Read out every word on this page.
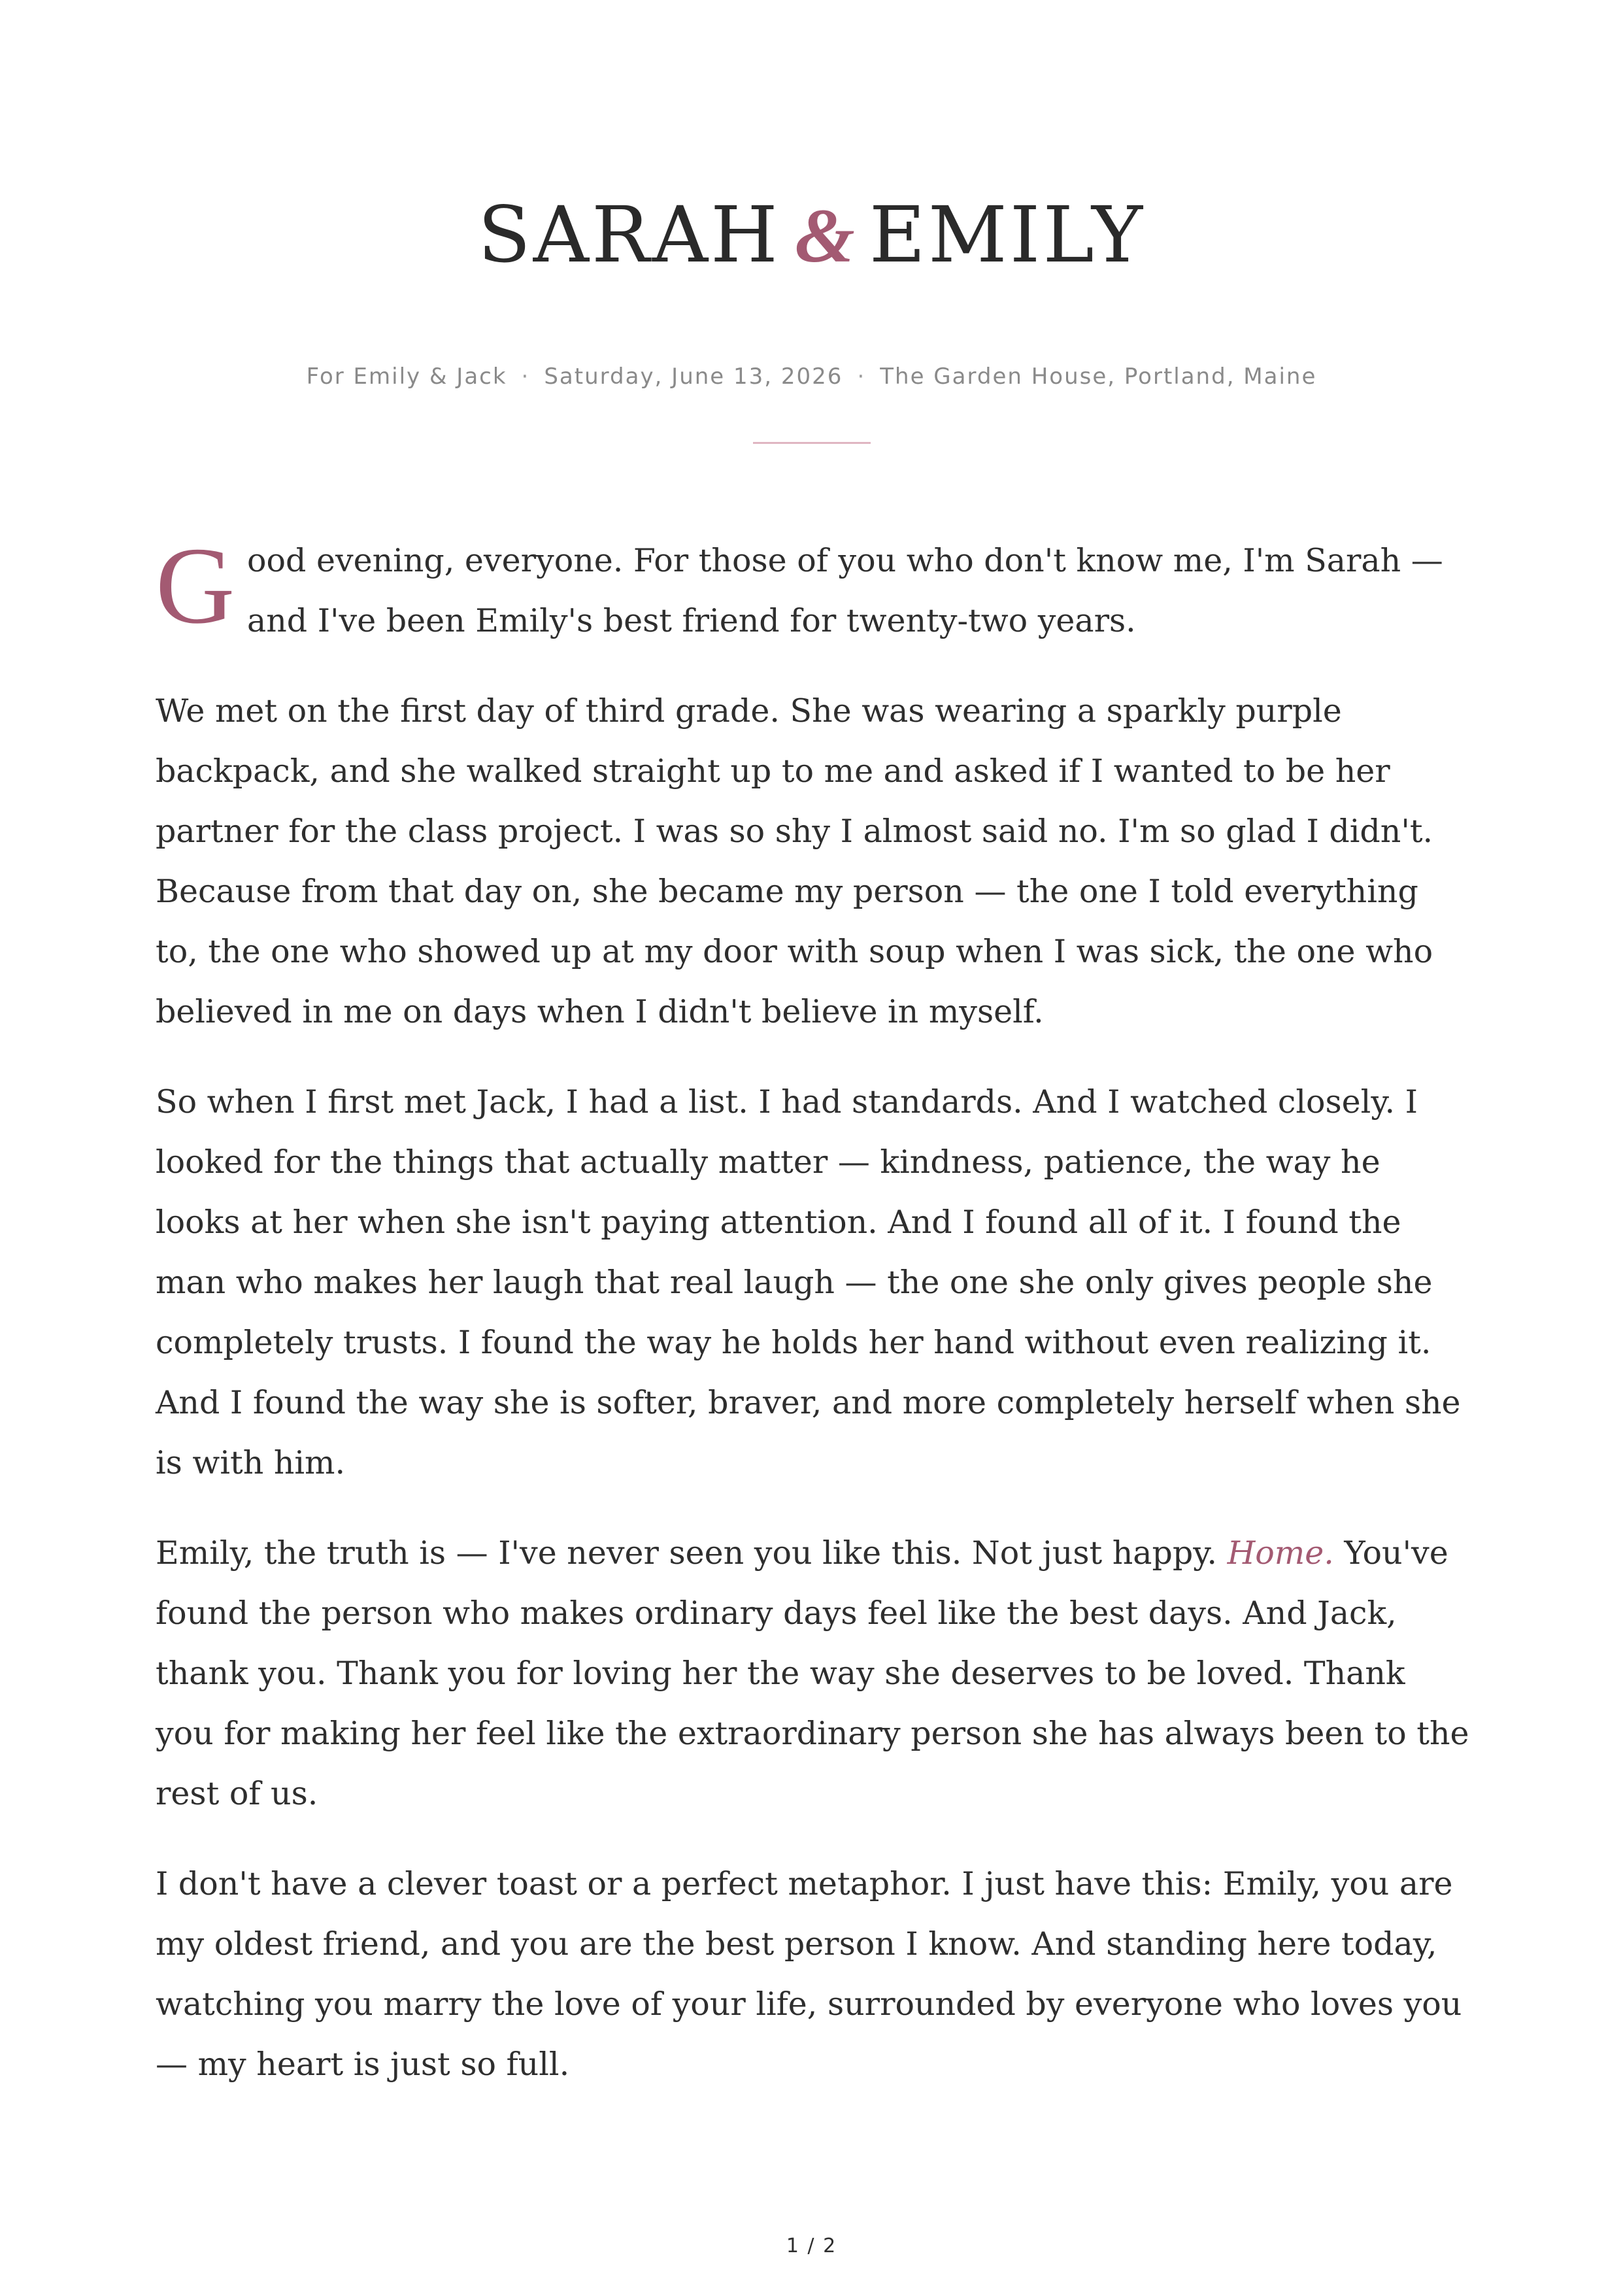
SARAH & EMILY
For Emily & Jack · Saturday, June 13, 2026 · The Garden House, Portland, Maine

G ood evening, everyone. For those of you who don't know me, I'm Sarah — and I've been Emily's best friend for twenty-two years.

We met on the first day of third grade. She was wearing a sparkly purple backpack, and she walked straight up to me and asked if I wanted to be her partner for the class project. I was so shy I almost said no. I'm so glad I didn't. Because from that day on, she became my person — the one I told everything to, the one who showed up at my door with soup when I was sick, the one who believed in me on days when I didn't believe in myself.

So when I first met Jack, I had a list. I had standards. And I watched closely. I looked for the things that actually matter — kindness, patience, the way he looks at her when she isn't paying attention. And I found all of it. I found the man who makes her laugh that real laugh — the one she only gives people she completely trusts. I found the way he holds her hand without even realizing it. And I found the way she is softer, braver, and more completely herself when she is with him.

Emily, the truth is — I've never seen you like this. Not just happy. Home. You've found the person who makes ordinary days feel like the best days. And Jack, thank you. Thank you for loving her the way she deserves to be loved. Thank you for making her feel like the extraordinary person she has always been to the rest of us.

I don't have a clever toast or a perfect metaphor. I just have this: Emily, you are my oldest friend, and you are the best person I know. And standing here today, watching you marry the love of your life, surrounded by everyone who loves you — my heart is just so full.

1 / 2
